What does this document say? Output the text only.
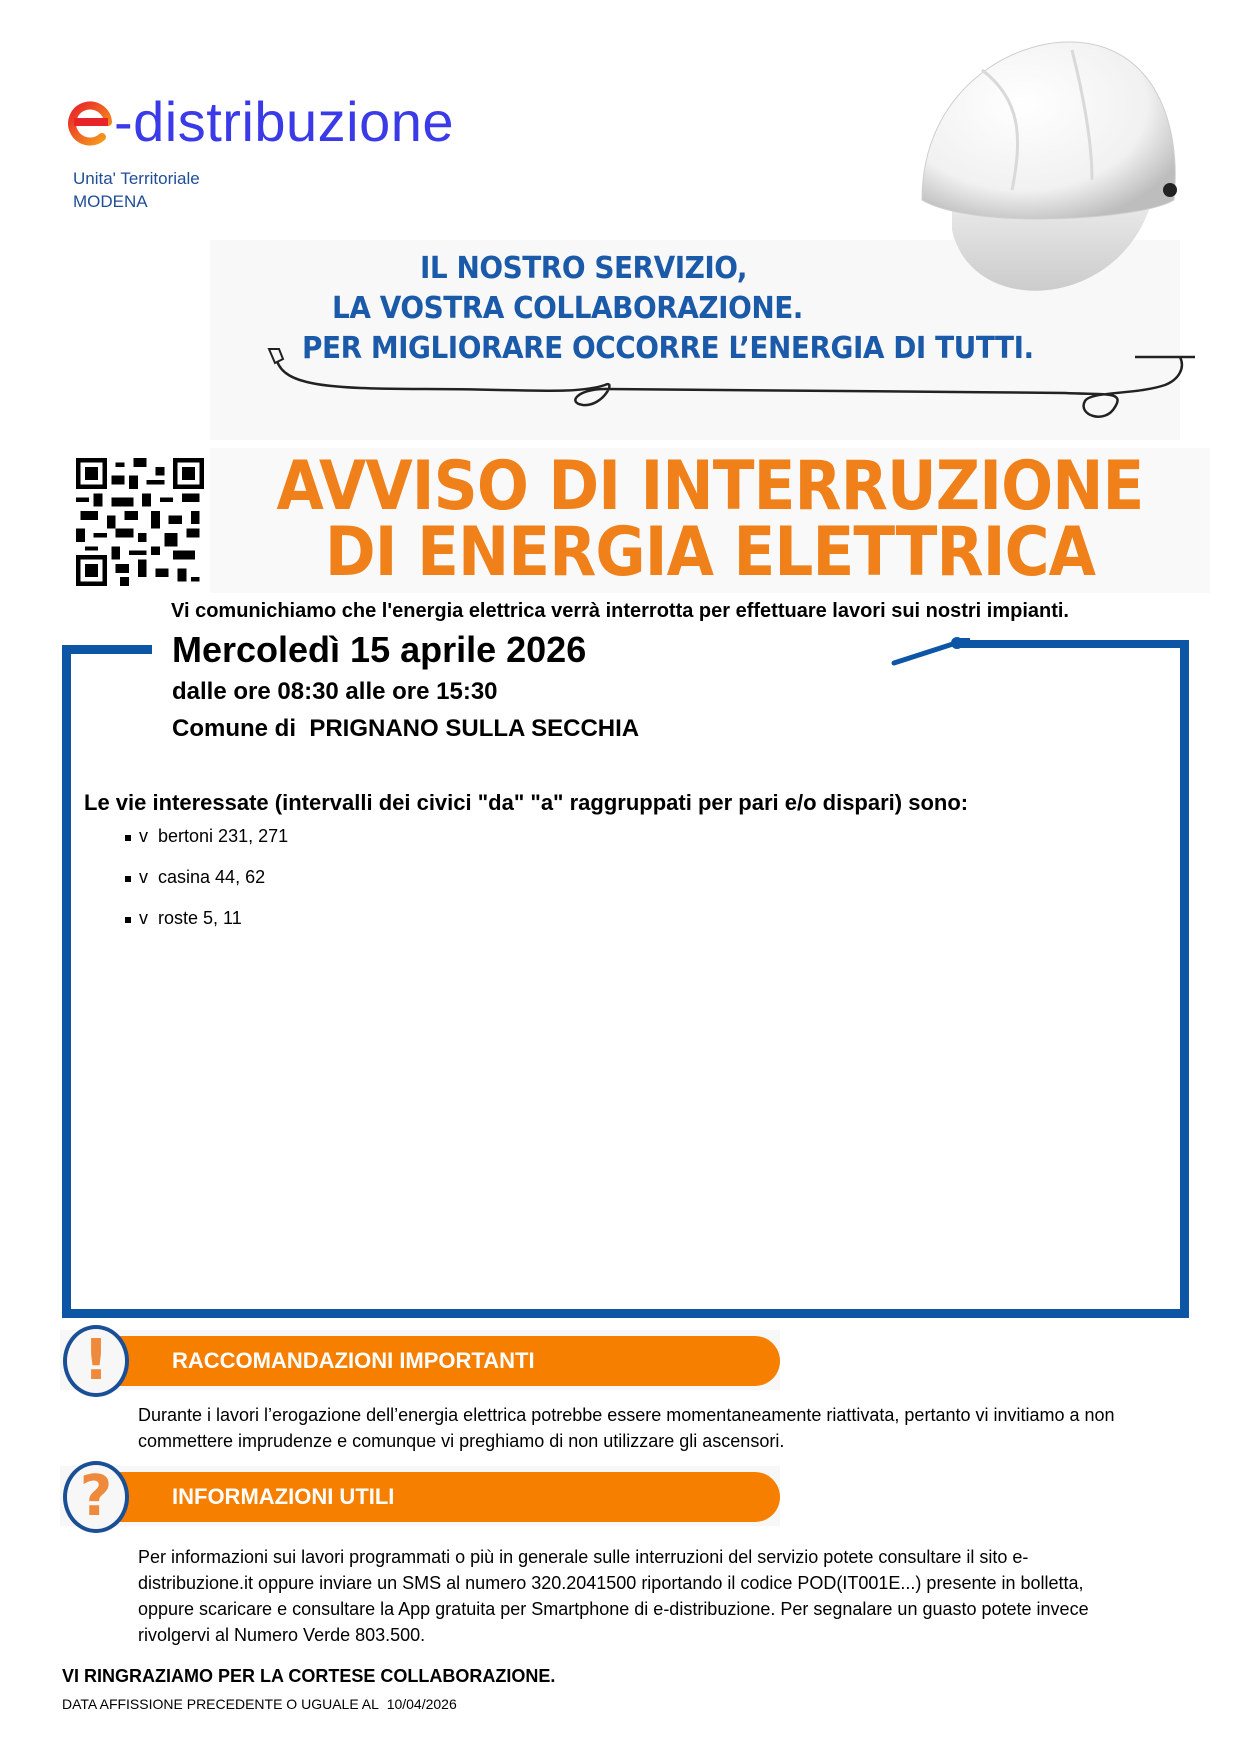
-distribuzione
Unita' Territoriale
MODENA
IL NOSTRO SERVIZIO,
LA VOSTRA COLLABORAZIONE.
PER MIGLIORARE OCCORRE L’ENERGIA DI TUTTI.
AVVISO DI INTERRUZIONE
DI ENERGIA ELETTRICA
Vi comunichiamo che l'energia elettrica verrà interrotta per effettuare lavori sui nostri impianti.
Mercoledì 15 aprile 2026
dalle ore 08:30 alle ore 15:30
Comune di PRIGNANO SULLA SECCHIA
Le vie interessate (intervalli dei civici "da" "a" raggruppati per pari e/o dispari) sono:
v
bertoni 231, 271
v
casina 44, 62
v
roste 5, 11
RACCOMANDAZIONI IMPORTANTI
!
Durante i lavori l’erogazione dell’energia elettrica potrebbe essere momentaneamente riattivata, pertanto vi invitiamo a non commettere imprudenze e comunque vi preghiamo di non utilizzare gli ascensori.
INFORMAZIONI UTILI
?
Per informazioni sui lavori programmati o più in generale sulle interruzioni del servizio potete consultare il sito e-distribuzione.it oppure inviare un SMS al numero 320.2041500 riportando il codice POD(IT001E...) presente in bolletta, oppure scaricare e consultare la App gratuita per Smartphone di e-distribuzione. Per segnalare un guasto potete invece rivolgervi al Numero Verde 803.500.
VI RINGRAZIAMO PER LA CORTESE COLLABORAZIONE.
DATA AFFISSIONE PRECEDENTE O UGUALE AL 10/04/2026
